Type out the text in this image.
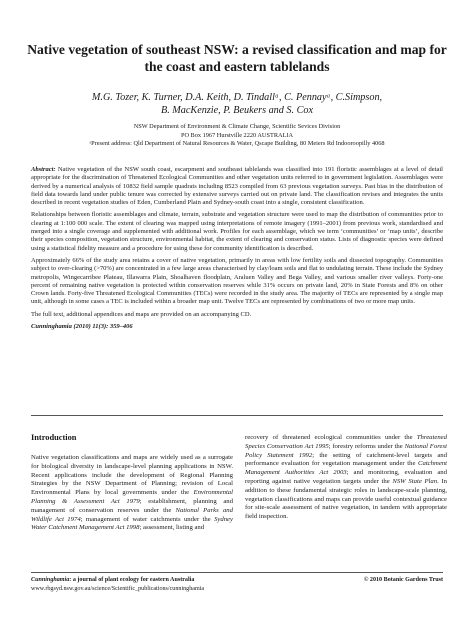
Native vegetation of southeast NSW: a revised classification and map for the coast and eastern tablelands
M.G. Tozer, K. Turner, D.A. Keith, D. Tindallᵃ, C. Pennayᵃ, C.Simpson,
B. MacKenzie, P. Beukers and S. Cox
NSW Department of Environment & Climate Change, Scientific Sevices Division
PO Box 1967 Hurstville 2220 AUSTRALIA
ᵃPresent address: Qld Department of Natural Resources & Water, Qscape Building, 80 Meiers Rd Indooroopilly 4068

Abstract: Native vegetation of the NSW south coast, escarpment and southeast tablelands was classified into 191 floristic assemblages at a level of detail appropriate for the discrimination of Threatened Ecological Communities and other vegetation units referred to in government legislation. Assemblages were derived by a numerical analysis of 10832 field sample quadrats including 8523 compiled from 63 previous vegetation surveys. Past bias in the distribution of field data towards land under public tenure was corrected by extensive surveys carried out on private land. The classification revises and integrates the units described in recent vegetation studies of Eden, Cumberland Plain and Sydney-south coast into a single, consistent classification.

Relationships between floristic assemblages and climate, terrain, substrate and vegetation structure were used to map the distribution of communities prior to clearing at 1:100 000 scale. The extent of clearing was mapped using interpretations of remote imagery (1991–2001) from previous work, standardised and merged into a single coverage and supplemented with additional work. Profiles for each assemblage, which we term ‘communities’ or ‘map units’, describe their species composition, vegetation structure, environmental habitat, the extent of clearing and conservation status. Lists of diagnostic species were defined using a statistical fidelity measure and a procedure for using these for community identification is described.

Approximately 66% of the study area retains a cover of native vegetation, primarily in areas with low fertility soils and dissected topography. Communities subject to over-clearing (>70%) are concentrated in a few large areas characterised by clay/loam soils and flat to undulating terrain. These include the Sydney metropolis, Wingecarribee Plateau, Illawarra Plain, Shoalhaven floodplain, Araluen Valley and Bega Valley, and various smaller river valleys. Forty-one percent of remaining native vegetation is protected within conservation reserves while 31% occurs on private land, 20% in State Forests and 8% on other Crown lands. Forty-five Threatened Ecological Communities (TECs) were recorded in the study area. The majority of TECs are represented by a single map unit, although in some cases a TEC is included within a broader map unit. Twelve TECs are represented by combinations of two or more map units.

The full text, additional appendices and maps are provided on an accompanying CD.

Cunninghamia (2010) 11(3): 359–406

Introduction

Native vegetation classifications and maps are widely used as a surrogate for biological diversity in landscape-level planning applications in NSW. Recent applications include the development of Regional Planning Strategies by the NSW Department of Planning; revision of Local Environmental Plans by local governments under the Environmental Planning & Assessment Act 1979; establishment, planning and management of conservation reserves under the National Parks and Wildlife Act 1974; management of water catchments under the Sydney Water Catchment Management Act 1998; assessment, listing and

recovery of threatened ecological communities under the Threatened Species Conservation Act 1995; forestry reforms under the National Forest Policy Statement 1992; the setting of catchment-level targets and performance evaluation for vegetation management under the Catchment Management Authorities Act 2003; and monitoring, evaluation and reporting against native vegetation targets under the NSW State Plan. In addition to these fundamental strategic roles in landscape-scale planning, vegetation classifications and maps can provide useful contextual guidance for site-scale assessment of native vegetation, in tandem with appropriate field inspection.

Cunninghamia: a journal of plant ecology for eastern Australia	© 2010 Botanic Gardens Trust
www.rbgsyd.nsw.gov.au/science/Scientific_publications/cunninghamia
